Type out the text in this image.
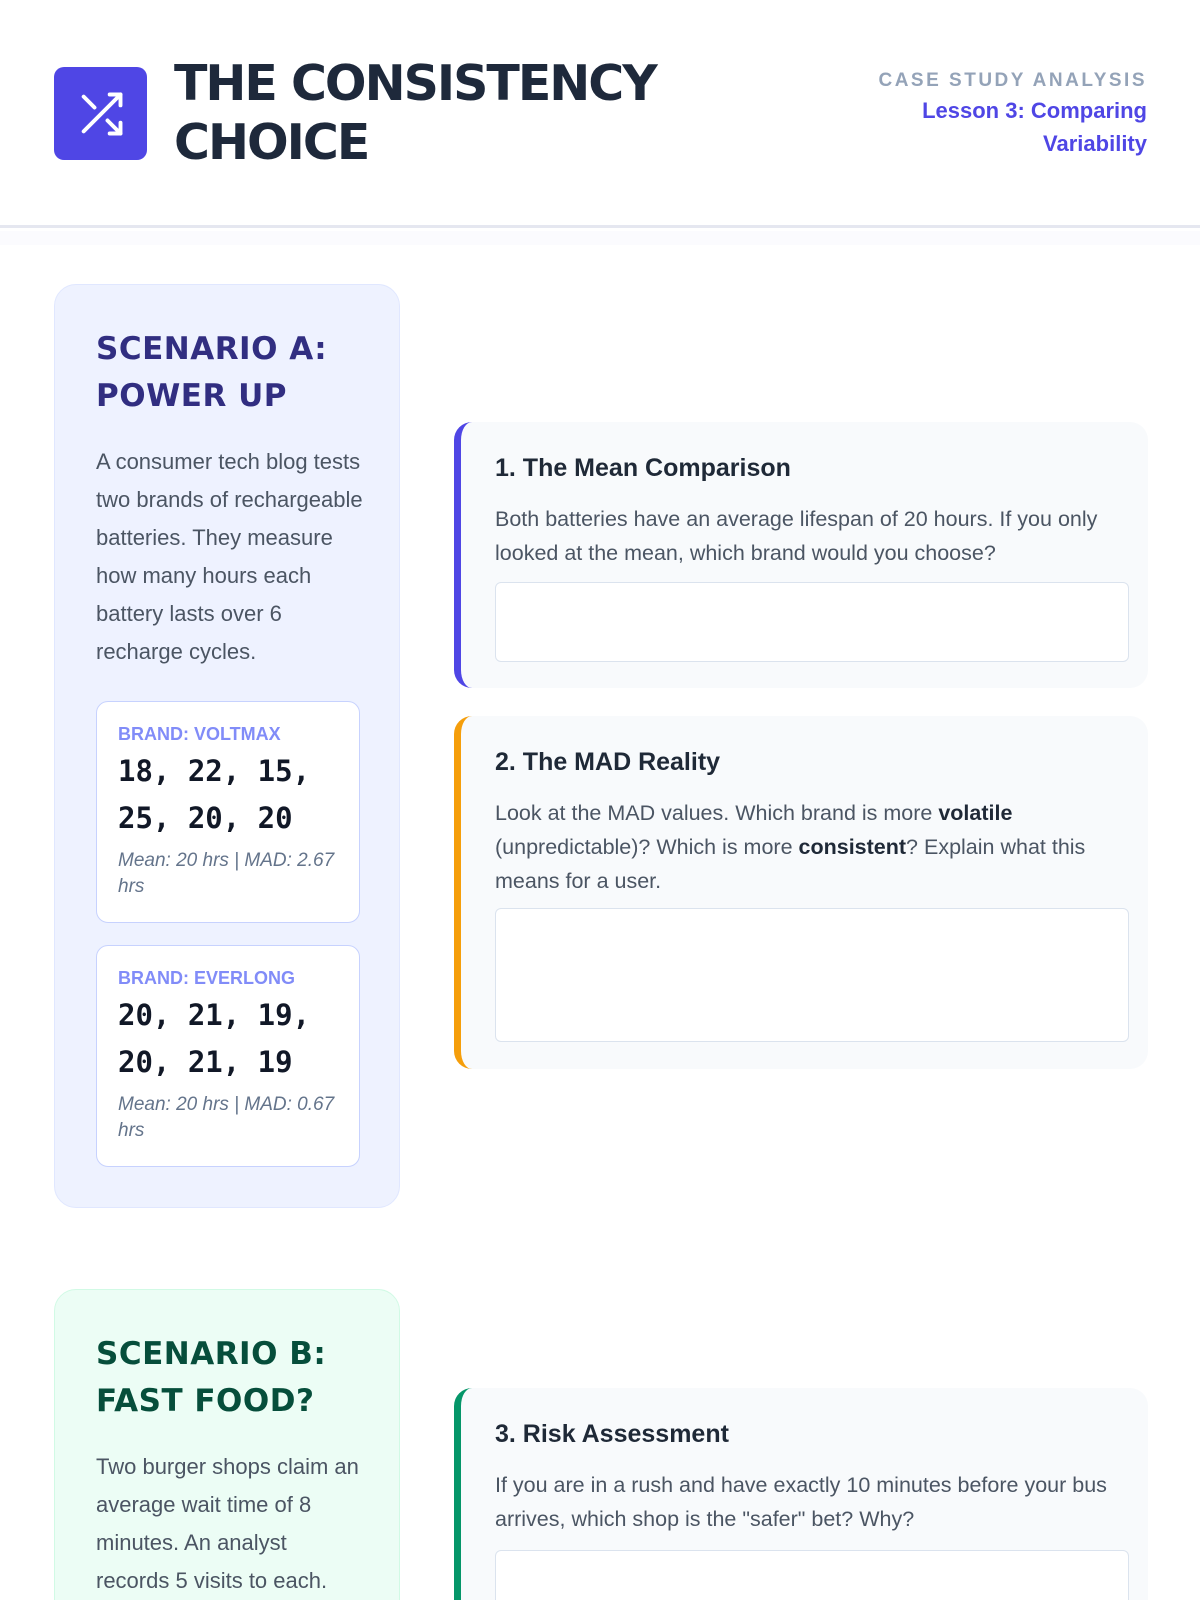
THE CONSISTENCY
CHOICE
CASE STUDY ANALYSIS
Lesson 3: Comparing Variability
SCENARIO A: POWER UP
A consumer tech blog tests two brands of rechargeable batteries. They measure how many hours each battery lasts over 6 recharge cycles.
BRAND: VOLTMAX
18, 22, 15, 25, 20, 20
Mean: 20 hrs | MAD: 2.67 hrs
BRAND: EVERLONG
20, 21, 19, 20, 21, 19
Mean: 20 hrs | MAD: 0.67 hrs
1. The Mean Comparison
Both batteries have an average lifespan of 20 hours. If you only looked at the mean, which brand would you choose?
2. The MAD Reality
Look at the MAD values. Which brand is more volatile (unpredictable)? Which is more consistent? Explain what this means for a user.
SCENARIO B: FAST FOOD?
Two burger shops claim an average wait time of 8 minutes. An analyst records 5 visits to each.
3. Risk Assessment
If you are in a rush and have exactly 10 minutes before your bus arrives, which shop is the "safer" bet? Why?
